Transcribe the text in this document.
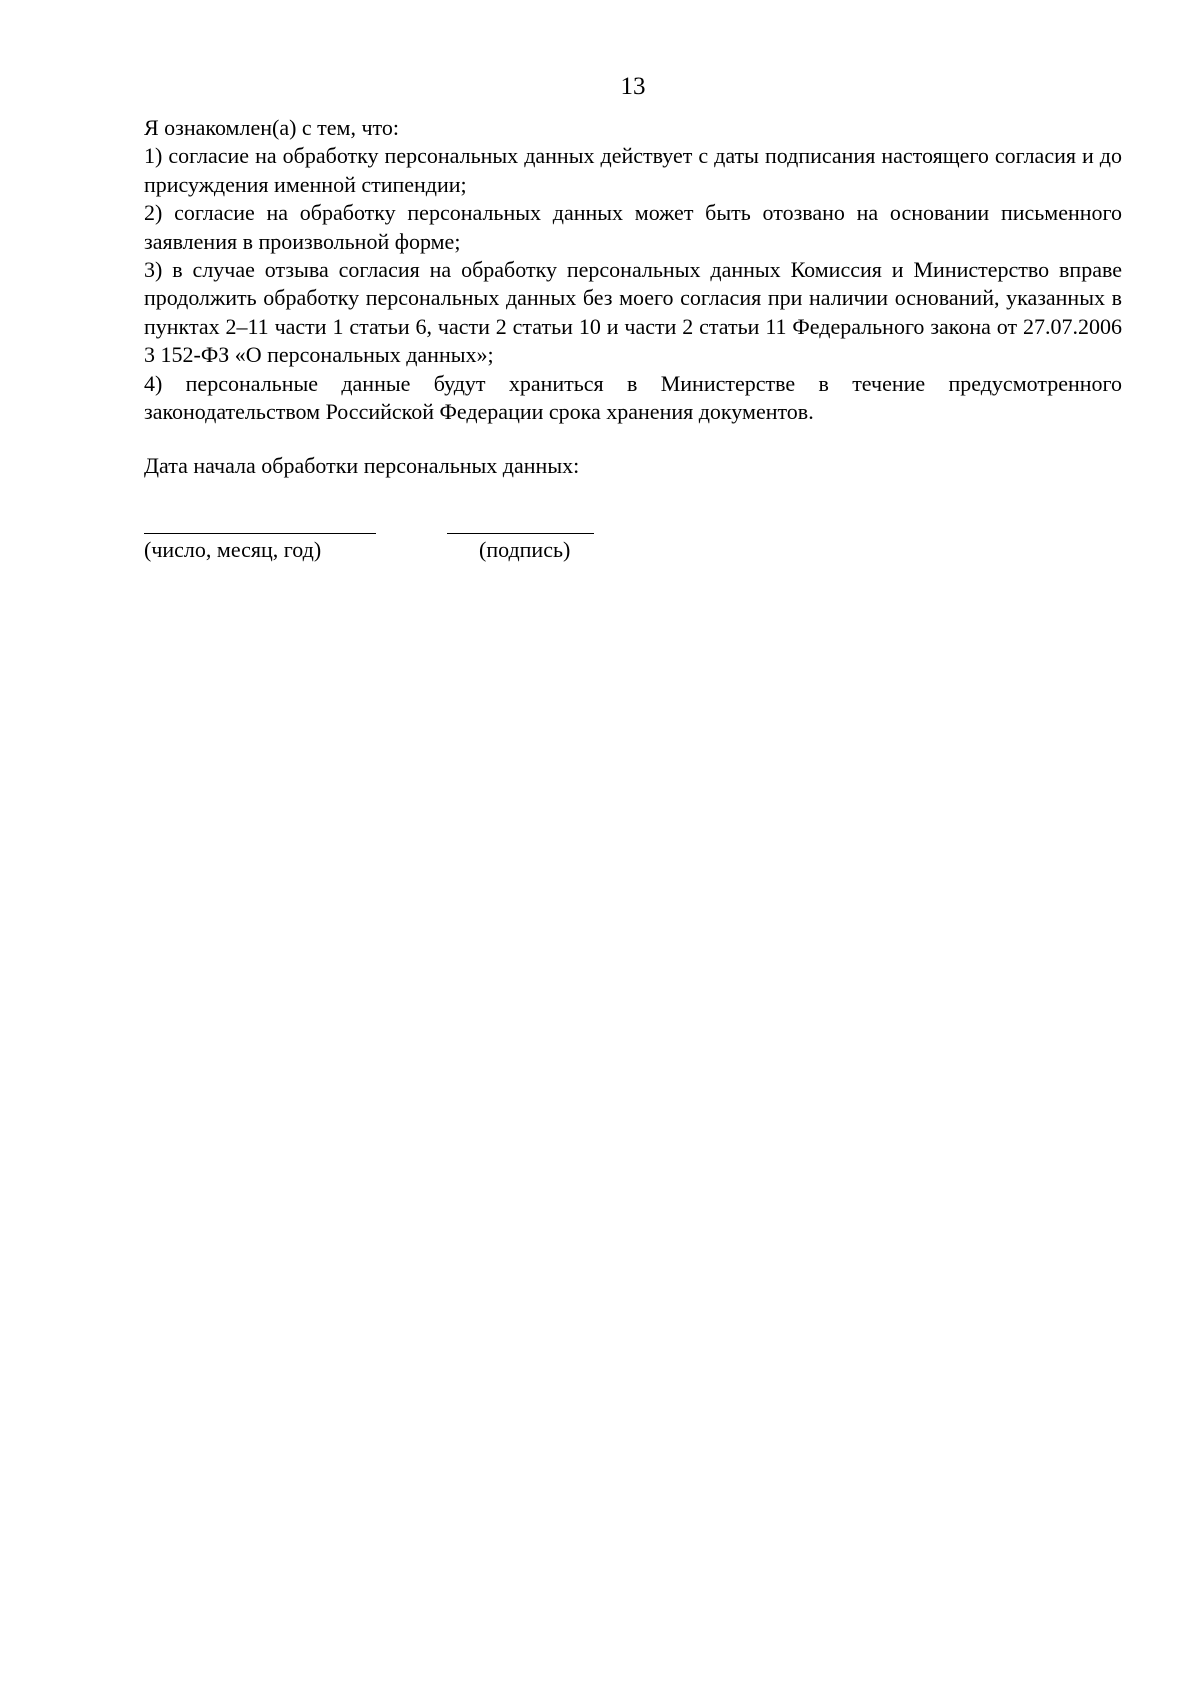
13

Я ознакомлен(а) с тем, что:

1) согласие на обработку персональных данных действует с даты подписания настоящего согласия и до присуждения именной стипендии;

2) согласие на обработку персональных данных может быть отозвано на основании письменного заявления в произвольной форме;

3) в случае отзыва согласия на обработку персональных данных Комиссия и Министерство вправе продолжить обработку персональных данных без моего согласия при наличии оснований, указанных в пунктах 2–11 части 1 статьи 6, части 2 статьи 10 и части 2 статьи 11 Федерального закона от 27.07.2006 3 152-ФЗ «О персональных данных»;

4) персональные данные будут храниться в Министерстве в течение предусмотренного законодательством Российской Федерации срока хранения документов.

Дата начала обработки персональных данных:
(число, месяц, год)	(подпись)
